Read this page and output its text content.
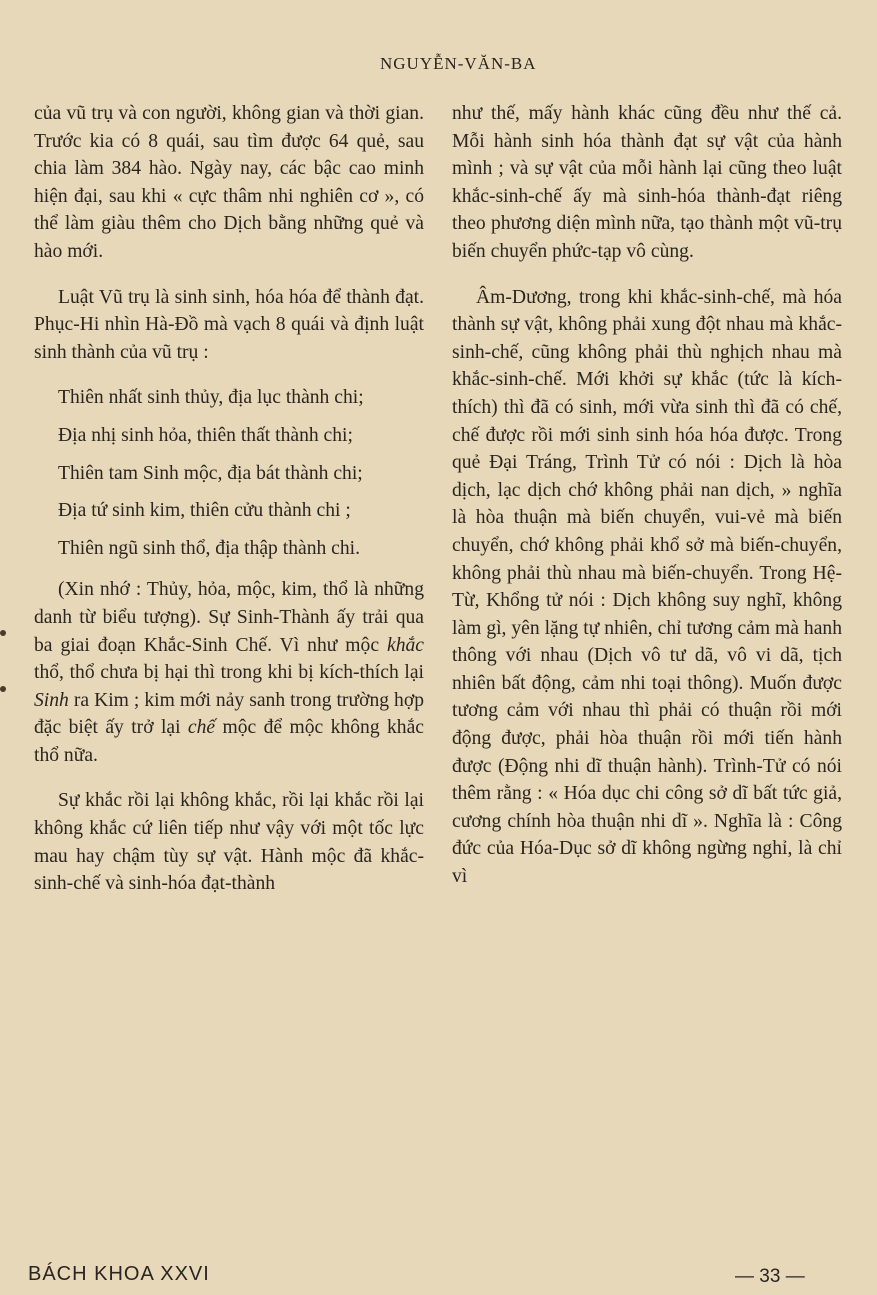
NGUYỄN-VĂN-BA

của vũ trụ và con người, không gian và thời gian. Trước kia có 8 quái, sau tìm được 64 quẻ, sau chia làm 384 hào. Ngày nay, các bậc cao minh hiện đại, sau khi « cực thâm nhi nghiên cơ », có thể làm giàu thêm cho Dịch bằng những quẻ và hào mới.

Luật Vũ trụ là sinh sinh, hóa hóa để thành đạt. Phục-Hi nhìn Hà-Đồ mà vạch 8 quái và định luật sinh thành của vũ trụ :

Thiên nhất sinh thủy, địa lục thành chi;

Địa nhị sinh hỏa, thiên thất thành chi;

Thiên tam Sinh mộc, địa bát thành chi;

Địa tứ sinh kim, thiên cửu thành chi ;

Thiên ngũ sinh thổ, địa thập thành chi.

(Xin nhớ : Thủy, hỏa, mộc, kim, thổ là những danh từ biểu tượng). Sự Sinh-Thành ấy trải qua ba giai đoạn Khắc-Sinh Chế. Vì như mộc khắc thổ, thổ chưa bị hại thì trong khi bị kích-thích lại Sinh ra Kim ; kim mới nảy sanh trong trường hợp đặc biệt ấy trở lại chế mộc để mộc không khắc thổ nữa.

Sự khắc rồi lại không khắc, rồi lại khắc rồi lại không khắc cứ liên tiếp như vậy với một tốc lực mau hay chậm tùy sự vật. Hành mộc đã khắc-sinh-chế và sinh-hóa đạt-thành

như thế, mấy hành khác cũng đều như thế cả. Mỗi hành sinh hóa thành đạt sự vật của hành mình ; và sự vật của mỗi hành lại cũng theo luật khắc-sinh-chế ấy mà sinh-hóa thành-đạt riêng theo phương diện mình nữa, tạo thành một vũ-trụ biến chuyển phức-tạp vô cùng.

Âm-Dương, trong khi khắc-sinh-chế, mà hóa thành sự vật, không phải xung đột nhau mà khắc-sinh-chế, cũng không phải thù nghịch nhau mà khắc-sinh-chế. Mới khởi sự khắc (tức là kích-thích) thì đã có sinh, mới vừa sinh thì đã có chế, chế được rồi mới sinh sinh hóa hóa được. Trong quẻ Đại Tráng, Trình Tử có nói : Dịch là hòa dịch, lạc dịch chớ không phải nan dịch, » nghĩa là hòa thuận mà biến chuyển, vui-vẻ mà biến chuyển, chớ không phải khổ sở mà biến-chuyển, không phải thù nhau mà biến-chuyển. Trong Hệ-Từ, Khổng tử nói : Dịch không suy nghĩ, không làm gì, yên lặng tự nhiên, chỉ tương cảm mà hanh thông với nhau (Dịch vô tư dã, vô vi dã, tịch nhiên bất động, cảm nhi toại thông). Muốn được tương cảm với nhau thì phải có thuận rồi mới động được, phải hòa thuận rồi mới tiến hành được (Động nhi dĩ thuận hành). Trình-Tử có nói thêm rằng : « Hóa dục chi công sở dĩ bất tức giả, cương chính hòa thuận nhi dĩ ». Nghĩa là : Công đức của Hóa-Dục sở dĩ không ngừng nghỉ, là chỉ vì

BÁCH KHOA XXVI	— 33 —
